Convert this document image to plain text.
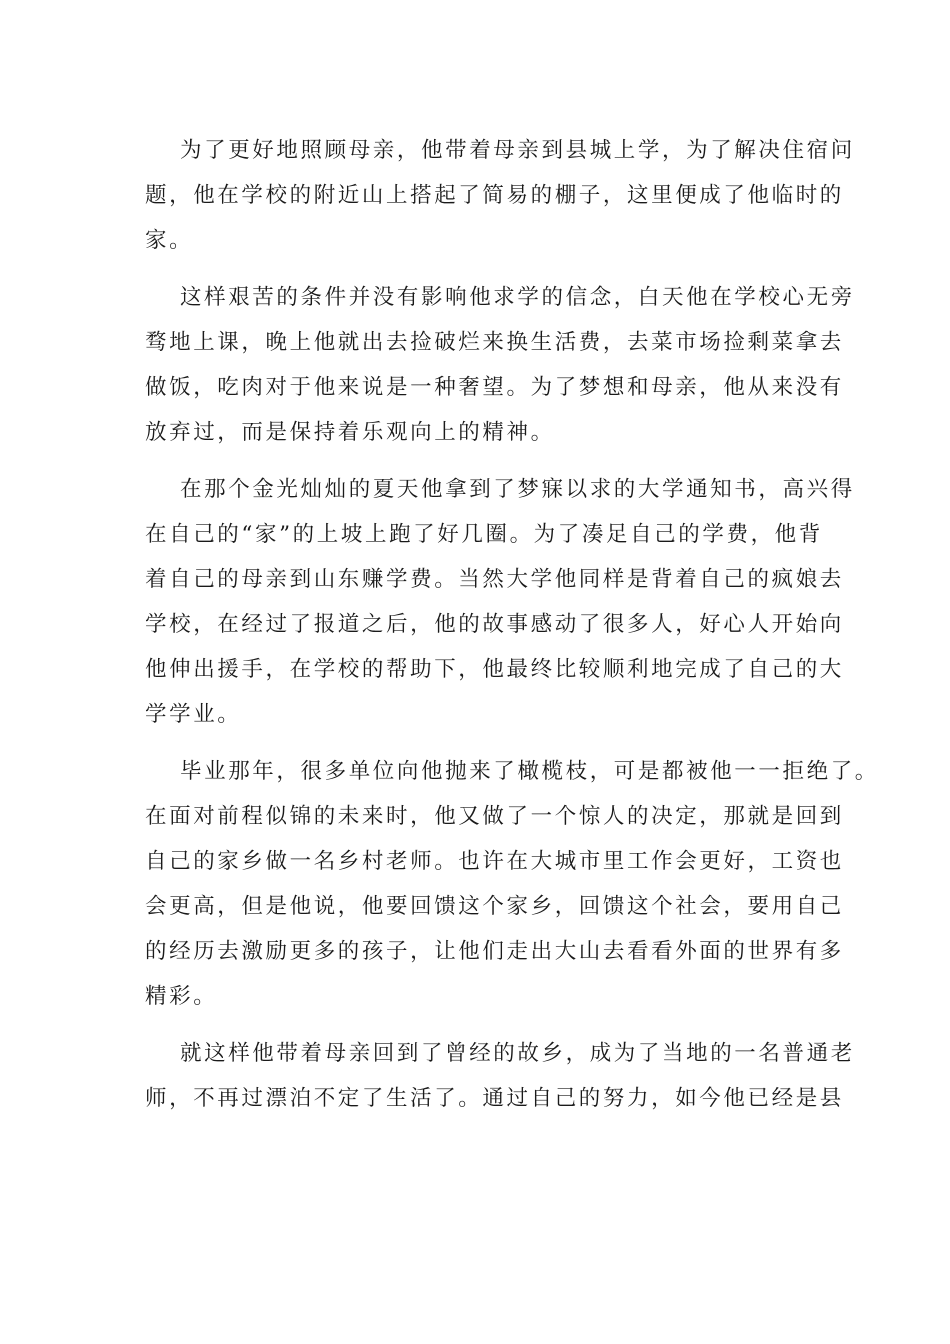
为了更好地照顾母亲，他带着母亲到县城上学，为了解决住宿问
题，他在学校的附近山上搭起了简易的棚子，这里便成了他临时的
家。

这样艰苦的条件并没有影响他求学的信念，白天他在学校心无旁
骛地上课，晚上他就出去捡破烂来换生活费，去菜市场捡剩菜拿去
做饭，吃肉对于他来说是一种奢望。为了梦想和母亲，他从来没有
放弃过，而是保持着乐观向上的精神。

在那个金光灿灿的夏天他拿到了梦寐以求的大学通知书，高兴得
在自己的“家”的上坡上跑了好几圈。为了凑足自己的学费，他背
着自己的母亲到山东赚学费。当然大学他同样是背着自己的疯娘去
学校，在经过了报道之后，他的故事感动了很多人，好心人开始向
他伸出援手，在学校的帮助下，他最终比较顺利地完成了自己的大
学学业。

毕业那年，很多单位向他抛来了橄榄枝，可是都被他一一拒绝了。
在面对前程似锦的未来时，他又做了一个惊人的决定，那就是回到
自己的家乡做一名乡村老师。也许在大城市里工作会更好，工资也
会更高，但是他说，他要回馈这个家乡，回馈这个社会，要用自己
的经历去激励更多的孩子，让他们走出大山去看看外面的世界有多
精彩。

就这样他带着母亲回到了曾经的故乡，成为了当地的一名普通老
师，不再过漂泊不定了生活了。通过自己的努力，如今他已经是县
